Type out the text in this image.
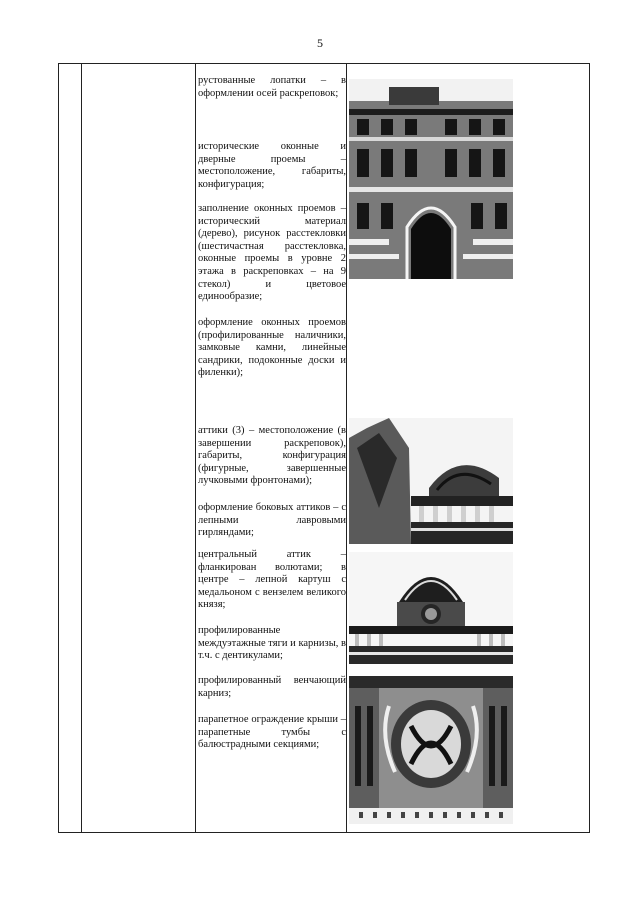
5
рустованные лопатки – в оформлении осей раскреповок;
исторические оконные и дверные проемы – местоположение, габариты, конфигурация;
заполнение оконных проемов – исторический материал (дерево), рисунок расстекловки (шестичастная расстекловка, оконные проемы в уровне 2 этажа в раскреповках – на 9 стекол) и цветовое единообразие;
оформление оконных проемов (профилированные наличники, замковые камни, линейные сандрики, подоконные доски и филенки);
аттики (3) – местоположение (в завершении раскреповок), габариты, конфигурация (фигурные, завершенные лучковыми фронтонами);
оформление боковых аттиков – с лепными лавровыми гирляндами;
центральный аттик – фланкирован волютами; в центре – лепной картуш с медальоном с вензелем великого князя;
профилированные междуэтажные тяги и карнизы, в т.ч. с дентикулами;
профилированный венчающий карниз;
парапетное ограждение крыши – парапетные тумбы с балюстрадными секциями;
